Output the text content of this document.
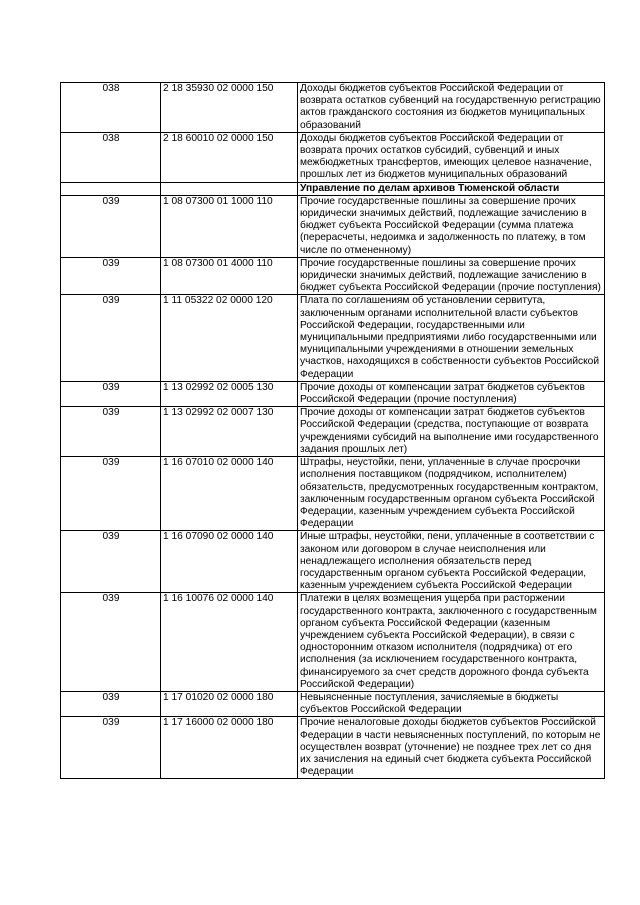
038	2 18 35930 02 0000 150	Доходы бюджетов субъектов Российской Федерации от возврата остатков субвенций на государственную регистрацию актов гражданского состояния из бюджетов муниципальных образований
038	2 18 60010 02 0000 150	Доходы бюджетов субъектов Российской Федерации от возврата прочих остатков субсидий, субвенций и иных межбюджетных трансфертов, имеющих целевое назначение, прошлых лет из бюджетов муниципальных образований
		Управление по делам архивов Тюменской области
039	1 08 07300 01 1000 110	Прочие государственные пошлины за совершение прочих юридически значимых действий, подлежащие зачислению в бюджет субъекта Российской Федерации (сумма платежа (перерасчеты, недоимка и задолженность по платежу, в том числе по отмененному)
039	1 08 07300 01 4000 110	Прочие государственные пошлины за совершение прочих юридически значимых действий, подлежащие зачислению в бюджет субъекта Российской Федерации (прочие поступления)
039	1 11 05322 02 0000 120	Плата по соглашениям об установлении сервитута, заключенным органами исполнительной власти субъектов Российской Федерации, государственными или муниципальными предприятиями либо государственными или муниципальными учреждениями в отношении земельных участков, находящихся в собственности субъектов Российской Федерации
039	1 13 02992 02 0005 130	Прочие доходы от компенсации затрат бюджетов субъектов Российской Федерации (прочие поступления)
039	1 13 02992 02 0007 130	Прочие доходы от компенсации затрат бюджетов субъектов Российской Федерации (средства, поступающие от возврата учреждениями субсидий на выполнение ими государственного задания прошлых лет)
039	1 16 07010 02 0000 140	Штрафы, неустойки, пени, уплаченные в случае просрочки исполнения поставщиком (подрядчиком, исполнителем) обязательств, предусмотренных государственным контрактом, заключенным государственным органом субъекта Российской Федерации, казенным учреждением субъекта Российской Федерации
039	1 16 07090 02 0000 140	Иные штрафы, неустойки, пени, уплаченные в соответствии с законом или договором в случае неисполнения или ненадлежащего исполнения обязательств перед государственным органом субъекта Российской Федерации, казенным учреждением субъекта Российской Федерации
039	1 16 10076 02 0000 140	Платежи в целях возмещения ущерба при расторжении государственного контракта, заключенного с государственным органом субъекта Российской Федерации (казенным учреждением субъекта Российской Федерации), в связи с односторонним отказом исполнителя (подрядчика) от его исполнения (за исключением государственного контракта, финансируемого за счет средств дорожного фонда субъекта Российской Федерации)
039	1 17 01020 02 0000 180	Невыясненные поступления, зачисляемые в бюджеты субъектов Российской Федерации
039	1 17 16000 02 0000 180	Прочие неналоговые доходы бюджетов субъектов Российской Федерации в части невыясненных поступлений, по которым не осуществлен возврат (уточнение) не позднее трех лет со дня их зачисления на единый счет бюджета субъекта Российской Федерации
